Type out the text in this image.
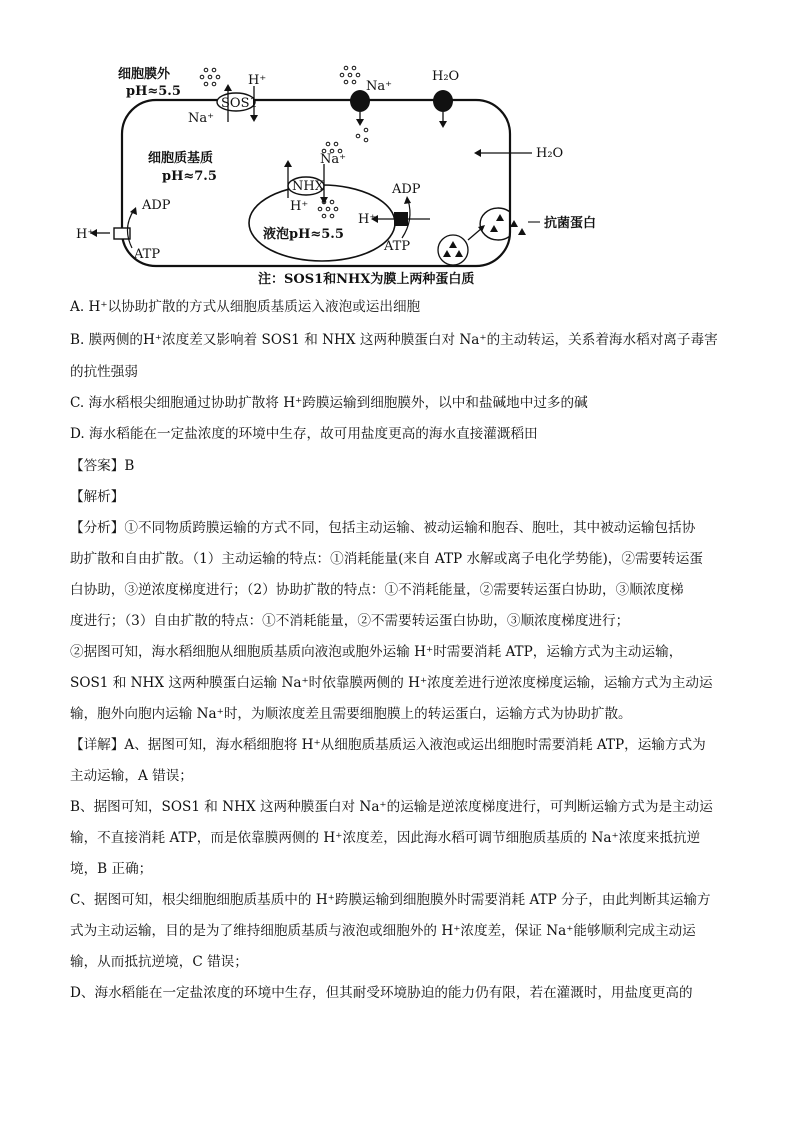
细胞膜外
pH≈5.5
SOS1
H⁺
Na⁺
Na⁺
H₂O
H₂O
细胞质基质
pH≈7.5
液泡pH≈5.5
NHX
H⁺
Na⁺
H⁺
ADP
ATP
H⁺
ADP
ATP
抗菌蛋白
注：SOS1和NHX为膜上两种蛋白质
A. H⁺以协助扩散的方式从细胞质基质运入液泡或运出细胞
B. 膜两侧的H⁺浓度差又影响着 SOS1 和 NHX 这两种膜蛋白对 Na⁺的主动转运，关系着海水稻对离子毒害
的抗性强弱
C. 海水稻根尖细胞通过协助扩散将 H⁺跨膜运输到细胞膜外，以中和盐碱地中过多的碱
D. 海水稻能在一定盐浓度的环境中生存，故可用盐度更高的海水直接灌溉稻田
【答案】B
【解析】
【分析】①不同物质跨膜运输的方式不同，包括主动运输、被动运输和胞吞、胞吐，其中被动运输包括协
助扩散和自由扩散。（1）主动运输的特点：①消耗能量(来自 ATP 水解或离子电化学势能)，②需要转运蛋
白协助，③逆浓度梯度进行；（2）协助扩散的特点：①不消耗能量，②需要转运蛋白协助，③顺浓度梯
度进行；（3）自由扩散的特点：①不消耗能量，②不需要转运蛋白协助，③顺浓度梯度进行；
②据图可知，海水稻细胞从细胞质基质向液泡或胞外运输 H⁺时需要消耗 ATP，运输方式为主动运输，
SOS1 和 NHX 这两种膜蛋白运输 Na⁺时依靠膜两侧的 H⁺浓度差进行逆浓度梯度运输，运输方式为主动运
输，胞外向胞内运输 Na⁺时，为顺浓度差且需要细胞膜上的转运蛋白，运输方式为协助扩散。
【详解】A、据图可知，海水稻细胞将 H⁺从细胞质基质运入液泡或运出细胞时需要消耗 ATP，运输方式为
主动运输，A 错误；
B、据图可知，SOS1 和 NHX 这两种膜蛋白对 Na⁺的运输是逆浓度梯度进行，可判断运输方式为是主动运
输，不直接消耗 ATP，而是依靠膜两侧的 H⁺浓度差，因此海水稻可调节细胞质基质的 Na⁺浓度来抵抗逆
境，B 正确；
C、据图可知，根尖细胞细胞质基质中的 H⁺跨膜运输到细胞膜外时需要消耗 ATP 分子，由此判断其运输方
式为主动运输，目的是为了维持细胞质基质与液泡或细胞外的 H⁺浓度差，保证 Na⁺能够顺利完成主动运
输，从而抵抗逆境，C 错误；
D、海水稻能在一定盐浓度的环境中生存，但其耐受环境胁迫的能力仍有限，若在灌溉时，用盐度更高的
